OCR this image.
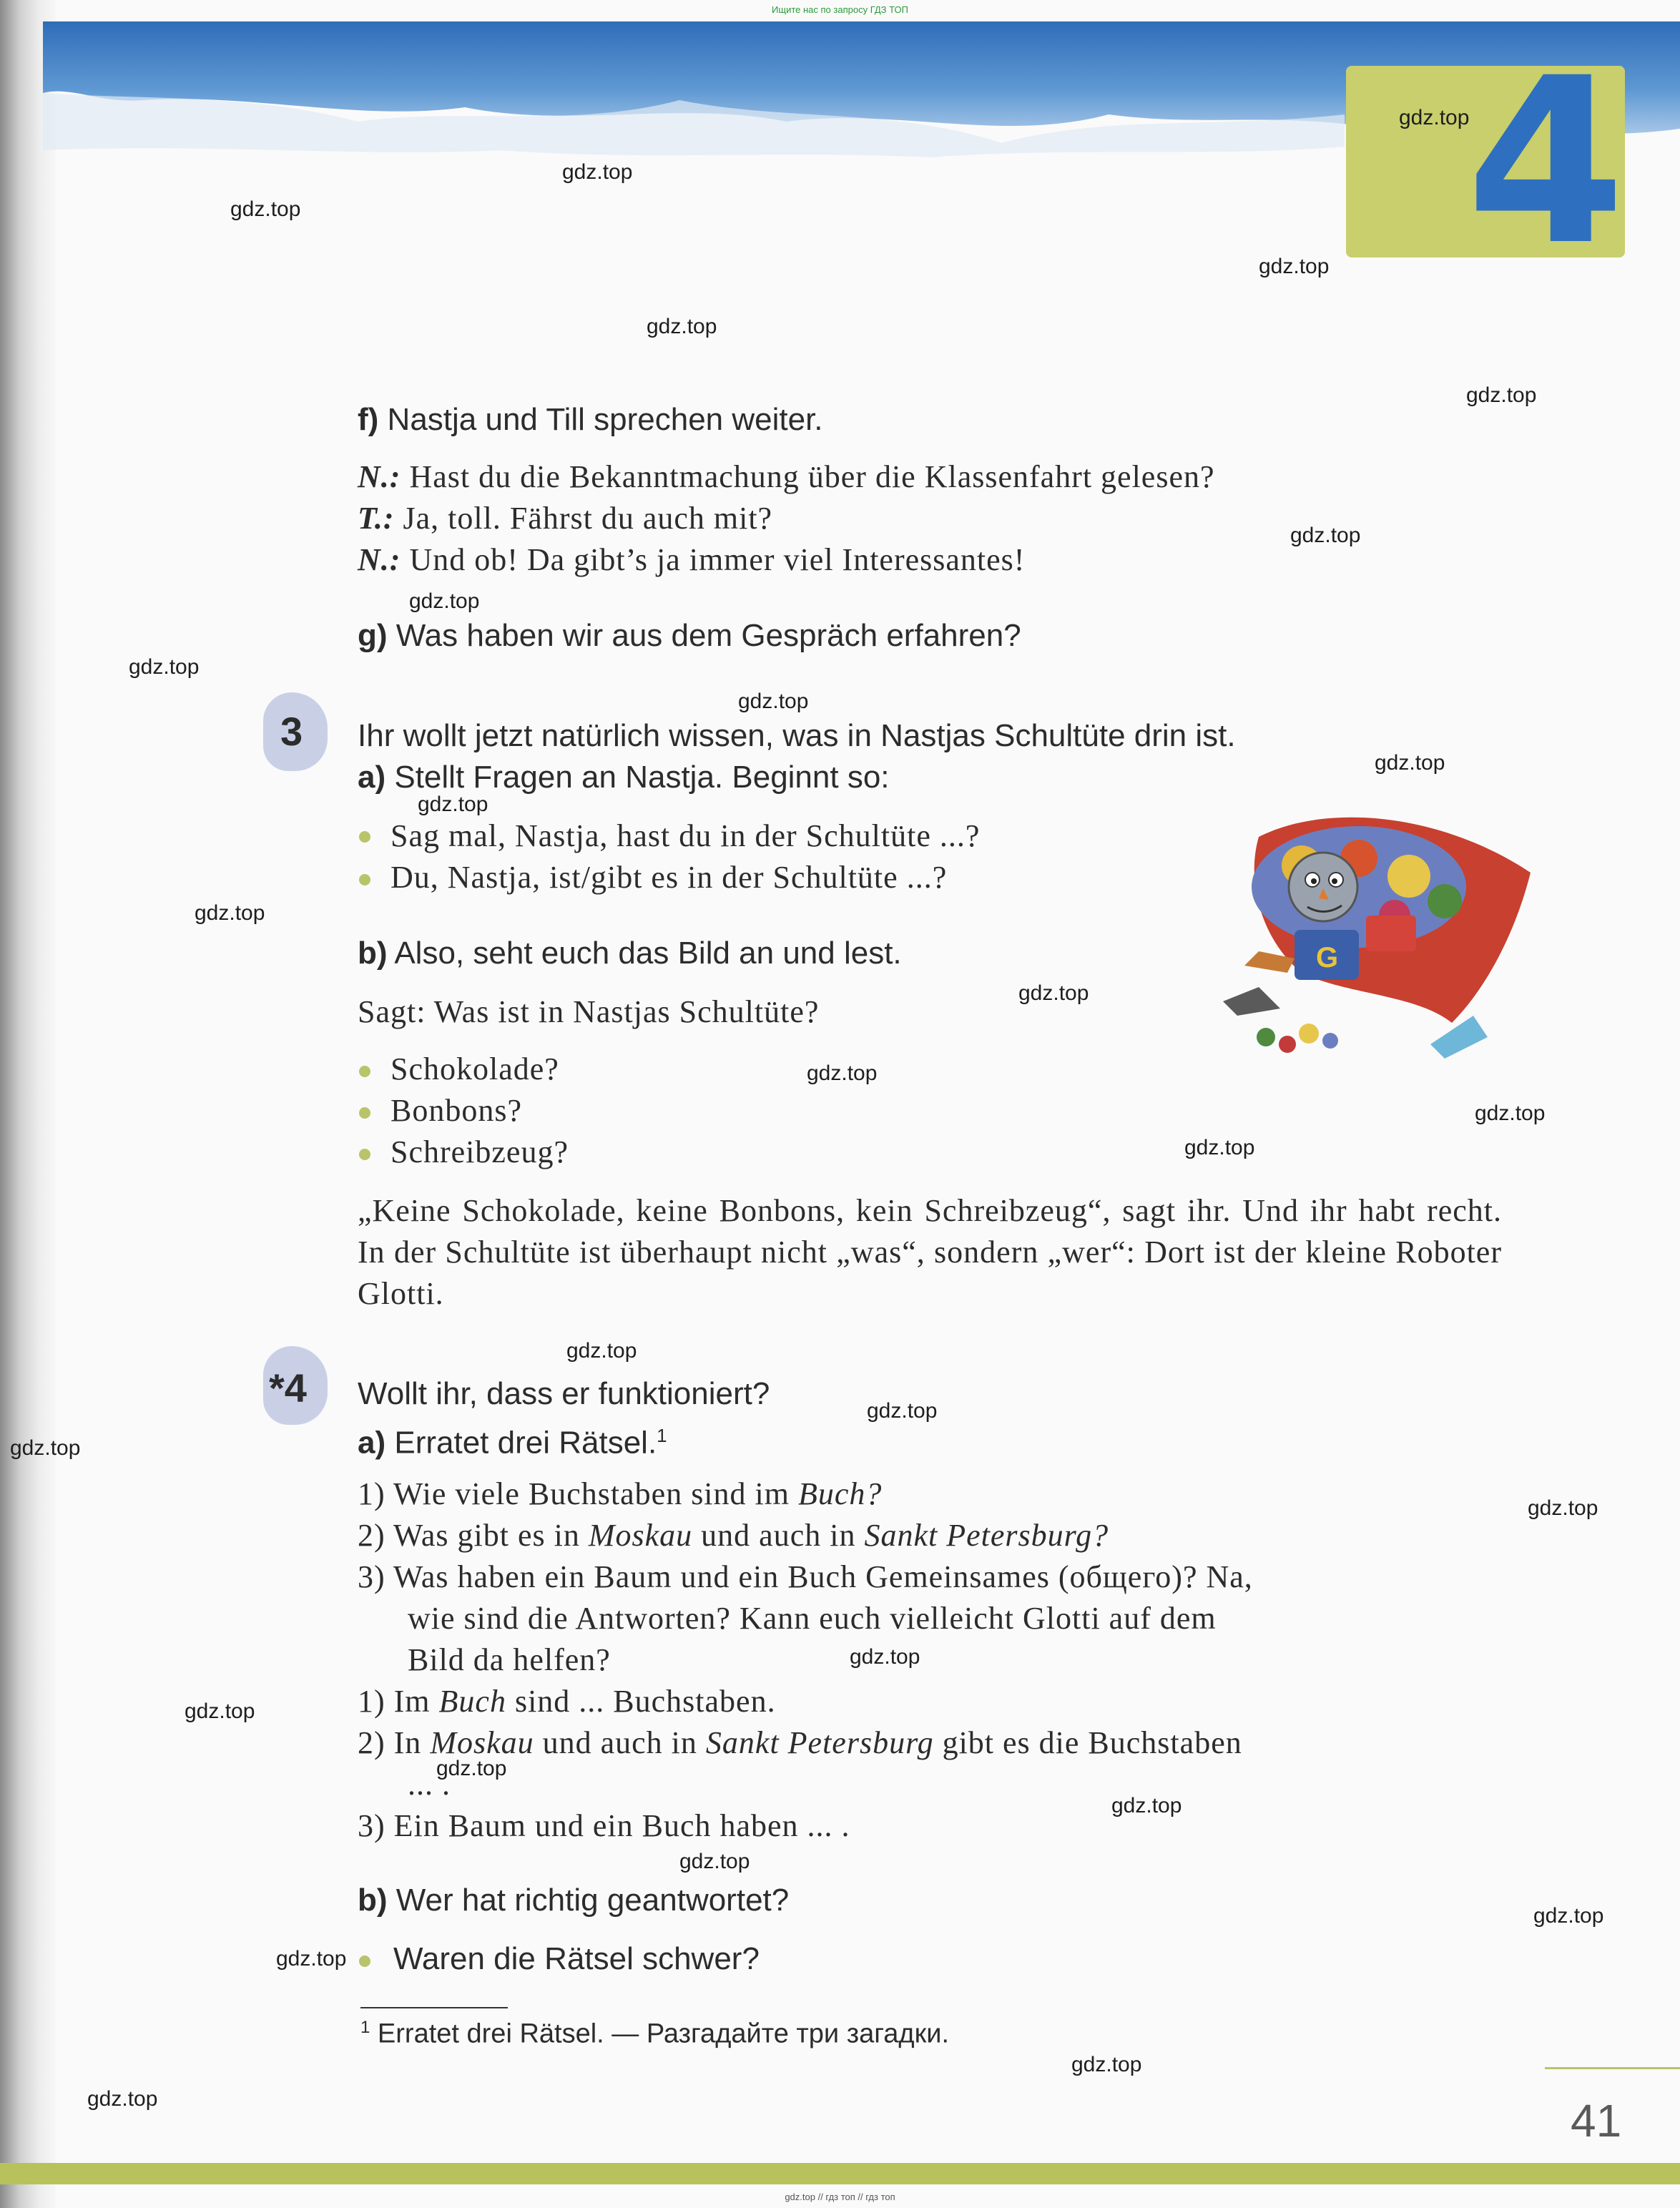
Ищите нас по запросу ГДЗ ТОП
4
f) Nastja und Till sprechen weiter.
N.: Hast du die Bekanntmachung über die Klassenfahrt gelesen?
T.: Ja, toll. Fährst du auch mit?
N.: Und ob! Da gibt’s ja immer viel Interessantes!
g) Was haben wir aus dem Gespräch erfahren?
3 Ihr wollt jetzt natürlich wissen, was in Nastjas Schultüte drin ist.
a) Stellt Fragen an Nastja. Beginnt so:
Sag mal, Nastja, hast du in der Schultüte ...?
Du, Nastja, ist/gibt es in der Schultüte ...?
b) Also, seht euch das Bild an und lest.
Sagt: Was ist in Nastjas Schultüte?
Schokolade?
Bonbons?
Schreibzeug?
„Keine Schokolade, keine Bonbons, kein Schreibzeug“, sagt ihr. Und ihr habt recht. In der Schultüte ist überhaupt nicht „was“, sondern „wer“: Dort ist der kleine Roboter Glotti.
G
*4 Wollt ihr, dass er funktioniert?
a) Erratet drei Rätsel.$^1$
1) Wie viele Buchstaben sind im Buch?
2) Was gibt es in Moskau und auch in Sankt Petersburg?
3) Was haben ein Baum und ein Buch Gemeinsames (общего)? Na,
wie sind die Antworten? Kann euch vielleicht Glotti auf dem
Bild da helfen?
1) Im Buch sind ... Buchstaben.
2) In Moskau und auch in Sankt Petersburg gibt es die Buchstaben
... .
3) Ein Baum und ein Buch haben ... .
b) Wer hat richtig geantwortet?
Waren die Rätsel schwer?
$^1$ Erratet drei Rätsel. — Разгадайте три загадки.
41
gdz.top // гдз топ // гдз топ
gdz.top
gdz.top
gdz.top
gdz.top
gdz.top
gdz.top
gdz.top
gdz.top
gdz.top
gdz.top
gdz.top
gdz.top
gdz.top
gdz.top
gdz.top
gdz.top
gdz.top
gdz.top
gdz.top
gdz.top
gdz.top
gdz.top
gdz.top
gdz.top
gdz.top
gdz.top
gdz.top
gdz.top
gdz.top
gdz.top
